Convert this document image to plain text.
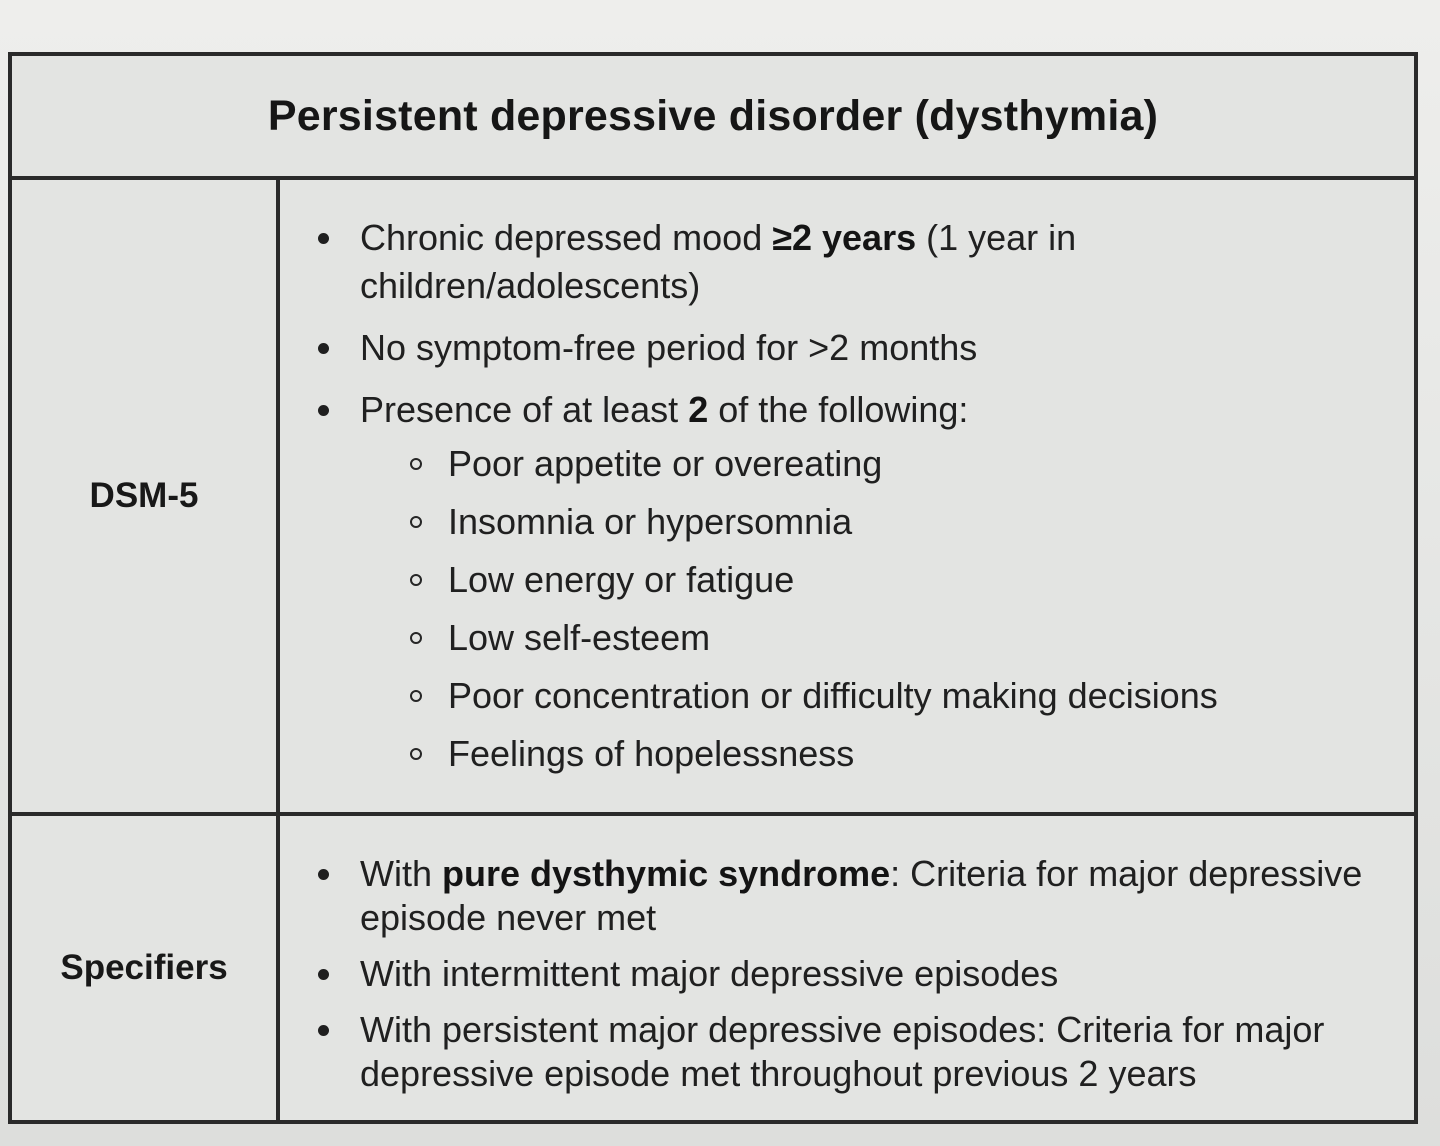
Persistent depressive disorder (dysthymia)
DSM-5
Chronic depressed mood ≥2 years (1 year in children/adolescents)
No symptom-free period for >2 months
Presence of at least 2 of the following:
Poor appetite or overeating
Insomnia or hypersomnia
Low energy or fatigue
Low self-esteem
Poor concentration or difficulty making decisions
Feelings of hopelessness
Specifiers
With pure dysthymic syndrome: Criteria for major depressive episode never met
With intermittent major depressive episodes
With persistent major depressive episodes: Criteria for major depressive episode met throughout previous 2 years
